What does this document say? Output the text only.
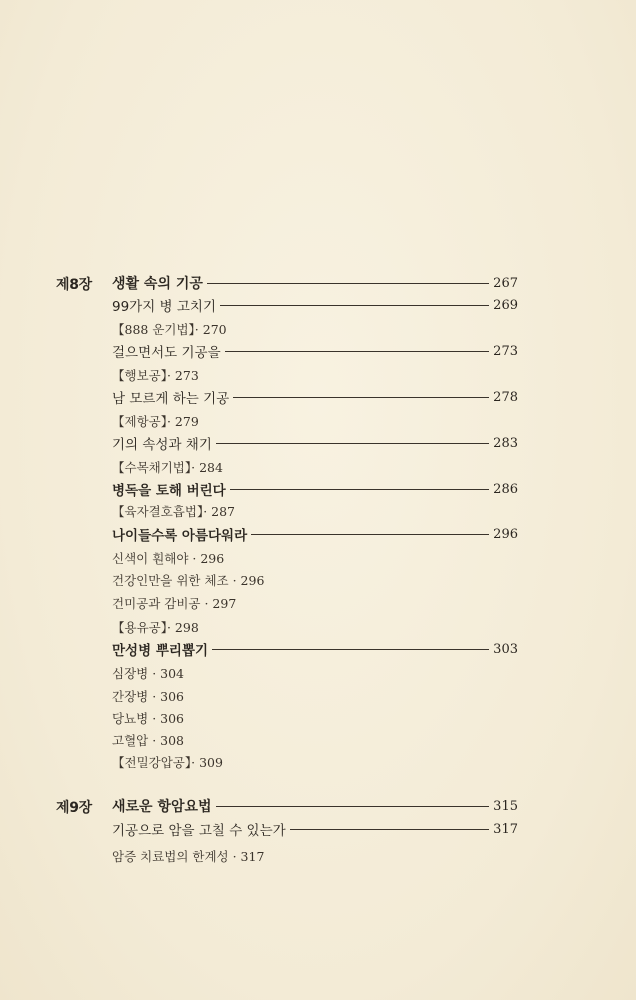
제8장 생활 속의 기공	267
99가지 병 고치기	269
【888 운기법】· 270
걸으면서도 기공을	273
【행보공】· 273
남 모르게 하는 기공	278
【제항공】· 279
기의 속성과 채기	283
【수목채기법】· 284
병독을 토해 버린다	286
【육자결호흡법】· 287
나이들수록 아름다워라	296
신색이 훤해야 · 296
건강인만을 위한 체조 · 296
건미공과 감비공 · 297
【용유공】· 298
만성병 뿌리뽑기	303
심장병 · 304
간장병 · 306
당뇨병 · 306
고혈압 · 308
【전밀강압공】· 309
제9장 새로운 항암요법	315
기공으로 암을 고칠 수 있는가	317
암증 치료법의 한계성 · 317
